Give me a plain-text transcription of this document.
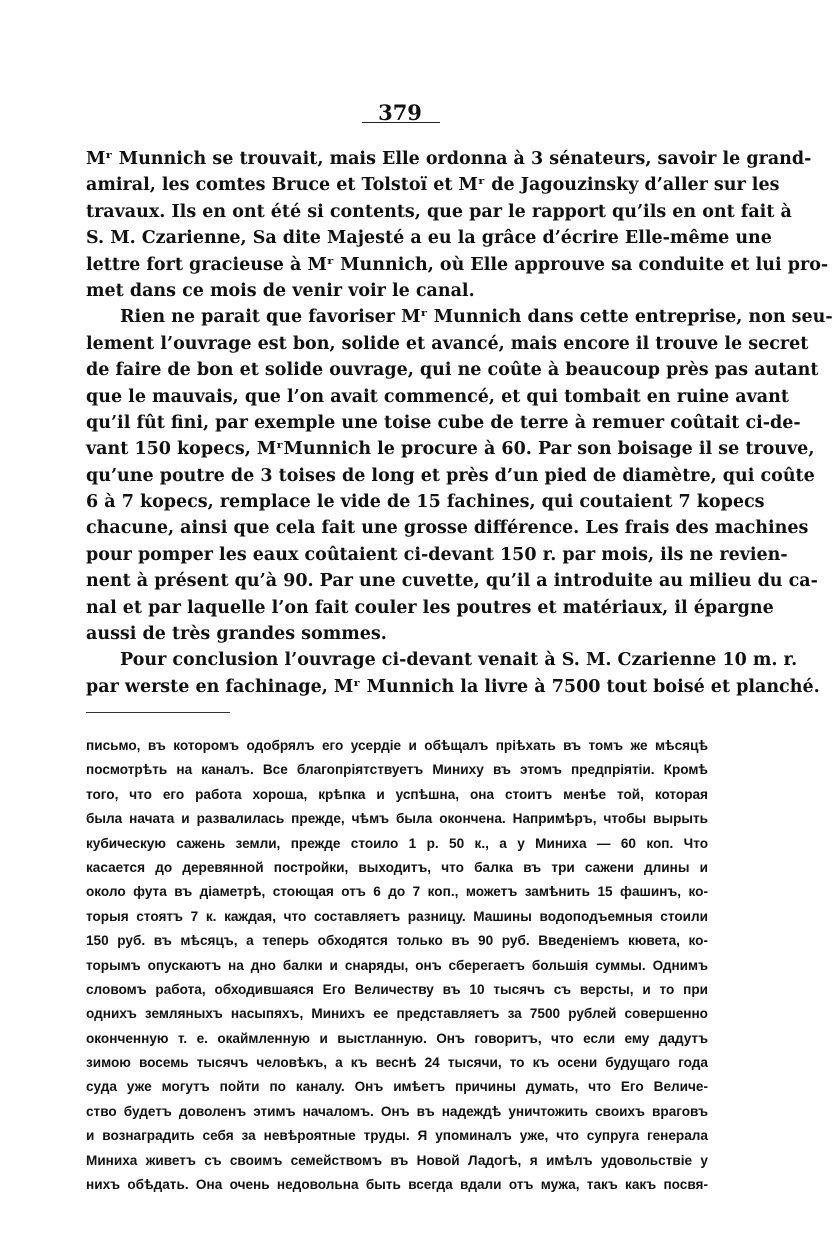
379
Mʳ Munnich se trouvait, mais Elle ordonna à 3 sénateurs, savoir le grand-
amiral, les comtes Bruce et Tolstoï et Mʳ de Jagouzinsky d’aller sur les
travaux. Ils en ont été si contents, que par le rapport qu’ils en ont fait à
S. M. Czarienne, Sa dite Majesté a eu la grâce d’écrire Elle-même une
lettre fort gracieuse à Mʳ Munnich, où Elle approuve sa conduite et lui pro-
met dans ce mois de venir voir le canal.
Rien ne parait que favoriser Mʳ Munnich dans cette entreprise, non seu-
lement l’ouvrage est bon, solide et avancé, mais encore il trouve le secret
de faire de bon et solide ouvrage, qui ne coûte à beaucoup près pas autant
que le mauvais, que l’on avait commencé, et qui tombait en ruine avant
qu’il fût fini, par exemple une toise cube de terre à remuer coûtait ci-de-
vant 150 kopecs, MʳMunnich le procure à 60. Par son boisage il se trouve,
qu’une poutre de 3 toises de long et près d’un pied de diamètre, qui coûte
6 à 7 kopecs, remplace le vide de 15 fachines, qui coutaient 7 kopecs
chacune, ainsi que cela fait une grosse différence. Les frais des machines
pour pomper les eaux coûtaient ci-devant 150 r. par mois, ils ne revien-
nent à présent qu’à 90. Par une cuvette, qu’il a introduite au milieu du ca-
nal et par laquelle l’on fait couler les poutres et matériaux, il épargne
aussi de très grandes sommes.
Pour conclusion l’ouvrage ci-devant venait à S. M. Czarienne 10 m. r.
par werste en fachinage, Mʳ Munnich la livre à 7500 tout boisé et planché.
письмо, въ которомъ одобрялъ его усердіе и обѣщалъ пріѣхать въ томъ же мѣсяцѣ
посмотрѣть на каналъ. Все благопріятствуетъ Миниху въ этомъ предпріятіи. Кромѣ
того, что его работа хороша, крѣпка и успѣшна, она стоитъ менѣе той, которая
была начата и развалилась прежде, чѣмъ была окончена. Напримѣръ, чтобы вырыть
кубическую сажень земли, прежде стоило 1 р. 50 к., а у Миниха — 60 коп. Что
касается до деревянной постройки, выходитъ, что балка въ три сажени длины и
около фута въ діаметрѣ, стоющая отъ 6 до 7 коп., можетъ замѣнить 15 фашинъ, ко-
торыя стоятъ 7 к. каждая, что составляетъ разницу. Машины водоподъемныя стоили
150 руб. въ мѣсяцъ, а теперь обходятся только въ 90 руб. Введеніемъ кювета, ко-
торымъ опускаютъ на дно балки и снаряды, онъ сберегаетъ большія суммы. Однимъ
словомъ работа, обходившаяся Его Величеству въ 10 тысячъ съ версты, и то при
однихъ земляныхъ насыпяхъ, Минихъ ее представляетъ за 7500 рублей совершенно
оконченную т. е. окаймленную и выстланную. Онъ говоритъ, что если ему дадутъ
зимою восемь тысячъ человѣкъ, а къ веснѣ 24 тысячи, то къ осени будущаго года
суда уже могутъ пойти по каналу. Онъ имѣетъ причины думать, что Его Величе-
ство будетъ доволенъ этимъ началомъ. Онъ въ надеждѣ уничтожить своихъ враговъ
и вознаградить себя за невѣроятные труды. Я упоминалъ уже, что супруга генерала
Миниха живетъ съ своимъ семействомъ въ Новой Ладогѣ, я имѣлъ удовольствіе у
нихъ обѣдать. Она очень недовольна быть всегда вдали отъ мужа, такъ какъ посвя-
